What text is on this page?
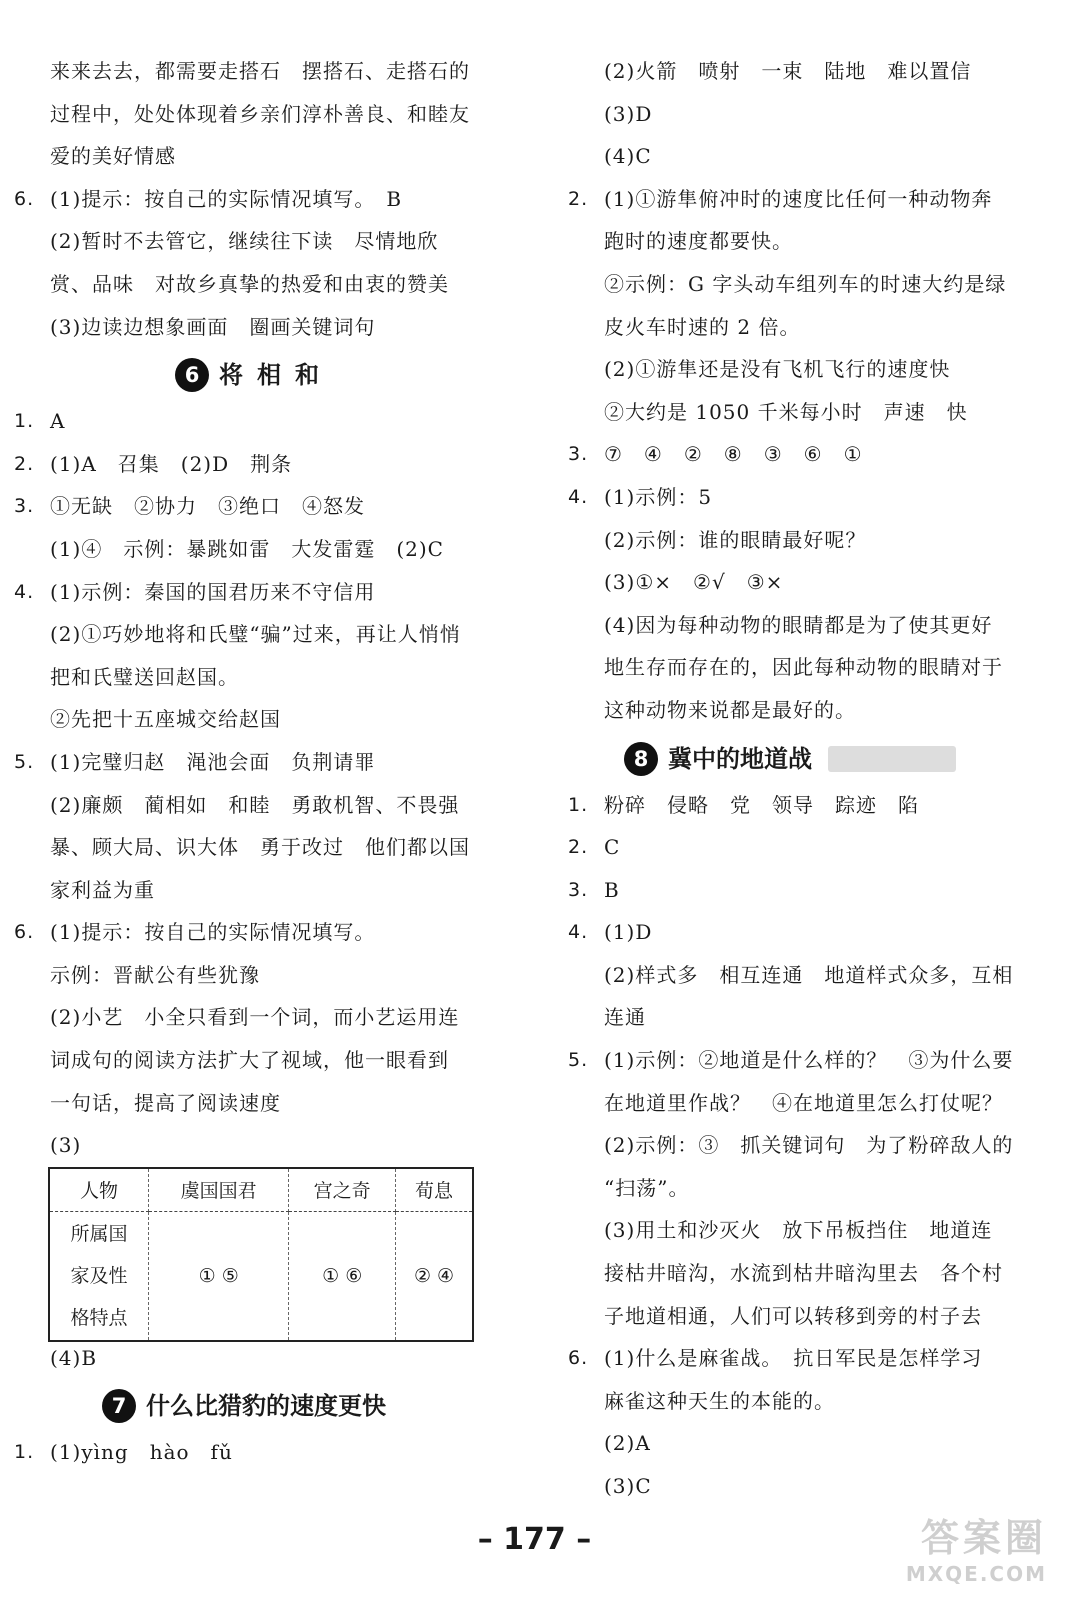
来来去去，都需要走搭石　摆搭石、走搭石的
过程中，处处体现着乡亲们淳朴善良、和睦友
爱的美好情感
6. (1)提示：按自己的实际情况填写。　B
(2)暂时不去管它，继续往下读　尽情地欣
赏、品味　对故乡真挚的热爱和由衷的赞美
(3)边读边想象画面　圈画关键词句
6 将相和
1. A
2. (1)A　召集　(2)D　荆条
3. ①无缺　②协力　③绝口　④怒发
(1)④　示例：暴跳如雷　大发雷霆　(2)C
4. (1)示例：秦国的国君历来不守信用
(2)①巧妙地将和氏璧“骗”过来，再让人悄悄
把和氏璧送回赵国。
②先把十五座城交给赵国
5. (1)完璧归赵　渑池会面　负荆请罪
(2)廉颇　蔺相如　和睦　勇敢机智、不畏强
暴、顾大局、识大体　勇于改过　他们都以国
家利益为重
6. (1)提示：按自己的实际情况填写。
示例：晋献公有些犹豫
(2)小艺　小全只看到一个词，而小艺运用连
词成句的阅读方法扩大了视域，他一眼看到
一句话，提高了阅读速度
(3)
人物	虞国国君	宫之奇	荀息

所属国
家及性
格特点	① ⑤	① ⑥	② ④
(4)B
7 什么比猎豹的速度更快
1. (1)yìng　hào　fǔ
(2)火箭　喷射　一束　陆地　难以置信
(3)D
(4)C
2. (1)①游隼俯冲时的速度比任何一种动物奔
跑时的速度都要快。
②示例：G 字头动车组列车的时速大约是绿
皮火车时速的 2 倍。
(2)①游隼还是没有飞机飞行的速度快
②大约是 1050 千米每小时　声速　快
3. ⑦　④　②　⑧　③　⑥　①
4. (1)示例：5
(2)示例：谁的眼睛最好呢？
(3)①×　②√　③×
(4)因为每种动物的眼睛都是为了使其更好
地生存而存在的，因此每种动物的眼睛对于
这种动物来说都是最好的。
8 冀中的地道战
1. 粉碎　侵略　党　领导　踪迹　陷
2. C
3. B
4. (1)D
(2)样式多　相互连通　地道样式众多，互相
连通
5. (1)示例：②地道是什么样的？　③为什么要
在地道里作战？　④在地道里怎么打仗呢？
(2)示例：③　抓关键词句　为了粉碎敌人的
“扫荡”。
(3)用土和沙灭火　放下吊板挡住　地道连
接枯井暗沟，水流到枯井暗沟里去　各个村
子地道相通，人们可以转移到旁的村子去
6. (1)什么是麻雀战。　抗日军民是怎样学习
麻雀这种天生的本能的。
(2)A
(3)C
– 177 –	答案圈
MXQE.COM
